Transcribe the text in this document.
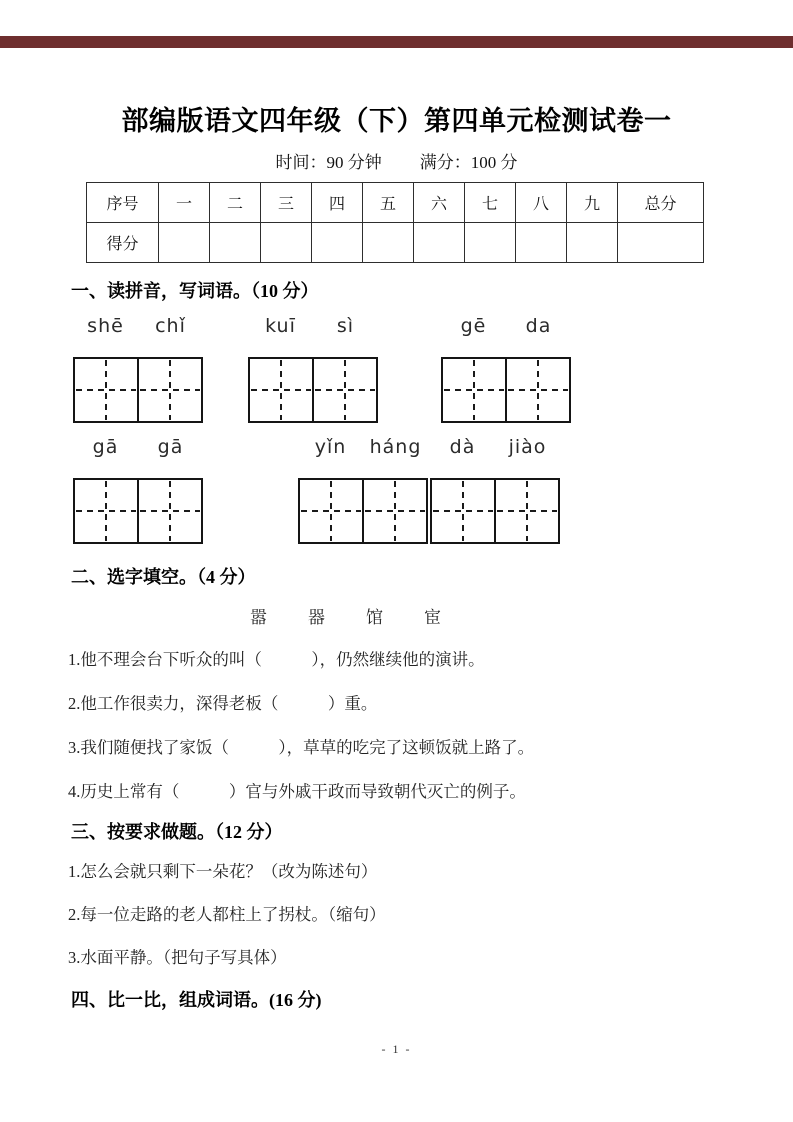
部编版语文四年级（下）第四单元检测试卷一
时间：90 分钟 满分：100 分
序号	一	二	三	四	五	六	七	八	九	总分
得分										
一、读拼音，写词语。（10 分）
shē	chǐ	kuī	sì	gē	da
gā	gā	yǐn	háng	dà	jiào
二、选字填空。（4 分）
嚣 器 馆 宦
1.他不理会台下听众的叫（　　　），仍然继续他的演讲。
2.他工作很卖力，深得老板（　　　）重。
3.我们随便找了家饭（　　　），草草的吃完了这顿饭就上路了。
4.历史上常有（　　　）官与外戚干政而导致朝代灭亡的例子。
三、按要求做题。（12 分）
1.怎么会就只剩下一朵花？（改为陈述句）
2.每一位走路的老人都柱上了拐杖。（缩句）
3.水面平静。（把句子写具体）
四、比一比，组成词语。(16 分)
- 1 -
